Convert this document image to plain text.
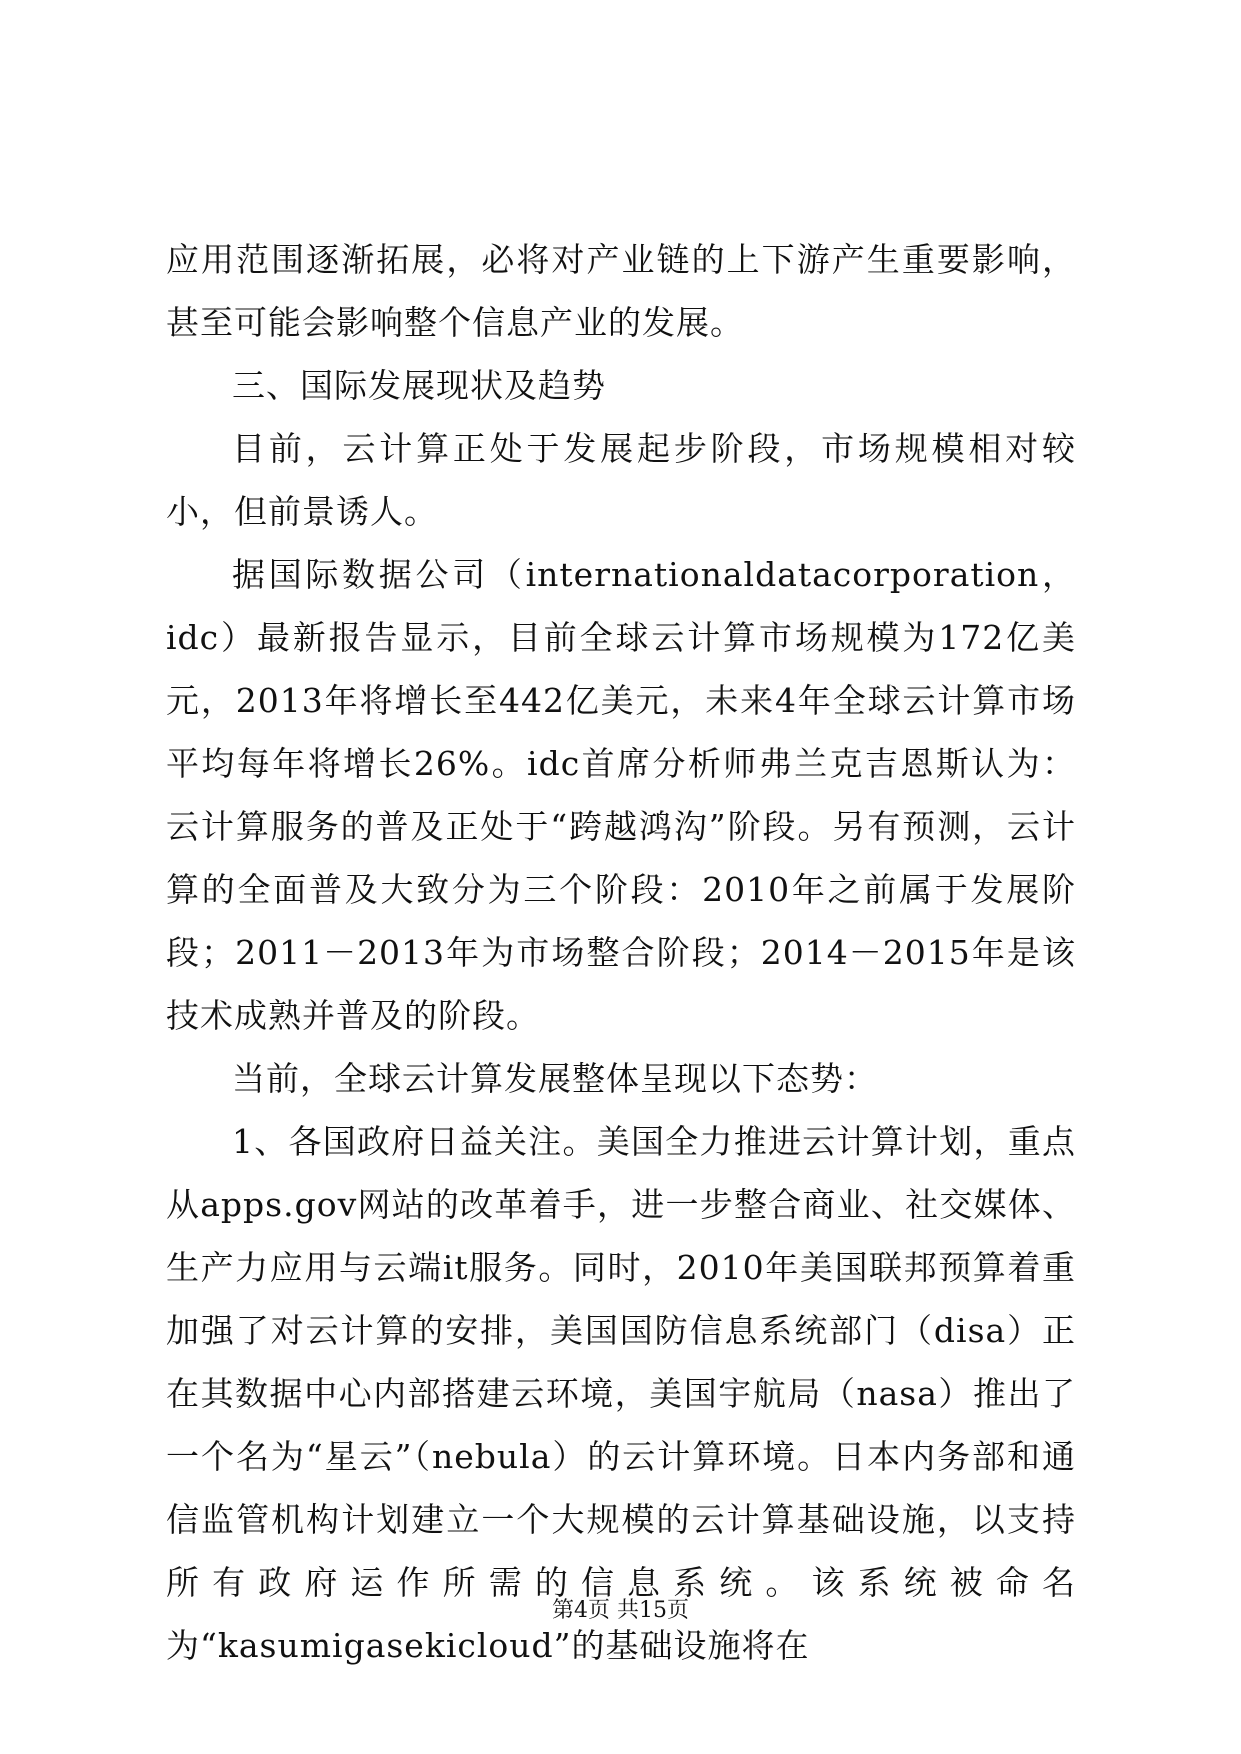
应用范围逐渐拓展，必将对产业链的上下游产生重要影响，甚至可能会影响整个信息产业的发展。

三、国际发展现状及趋势

目前，云计算正处于发展起步阶段，市场规模相对较小，但前景诱人。

据国际数据公司（internationaldatacorporation，idc）最新报告显示，目前全球云计算市场规模为172亿美元，2013年将增长至442亿美元，未来4年全球云计算市场平均每年将增长26%。idc首席分析师弗兰克吉恩斯认为：云计算服务的普及正处于“跨越鸿沟”阶段。另有预测，云计算的全面普及大致分为三个阶段：2010年之前属于发展阶段；2011－2013年为市场整合阶段；2014－2015年是该技术成熟并普及的阶段。

当前，全球云计算发展整体呈现以下态势：

1、各国政府日益关注。美国全力推进云计算计划，重点从apps.gov网站的改革着手，进一步整合商业、社交媒体、生产力应用与云端it服务。同时，2010年美国联邦预算着重加强了对云计算的安排，美国国防信息系统部门（disa）正在其数据中心内部搭建云环境，美国宇航局（nasa）推出了一个名为“星云”（nebula）的云计算环境。日本内务部和通信监管机构计划建立一个大规模的云计算基础设施，以支持所有政府运作所需的信息系统。该系统被命名为“kasumigasekicloud”的基础设施将在

第4页 共15页
